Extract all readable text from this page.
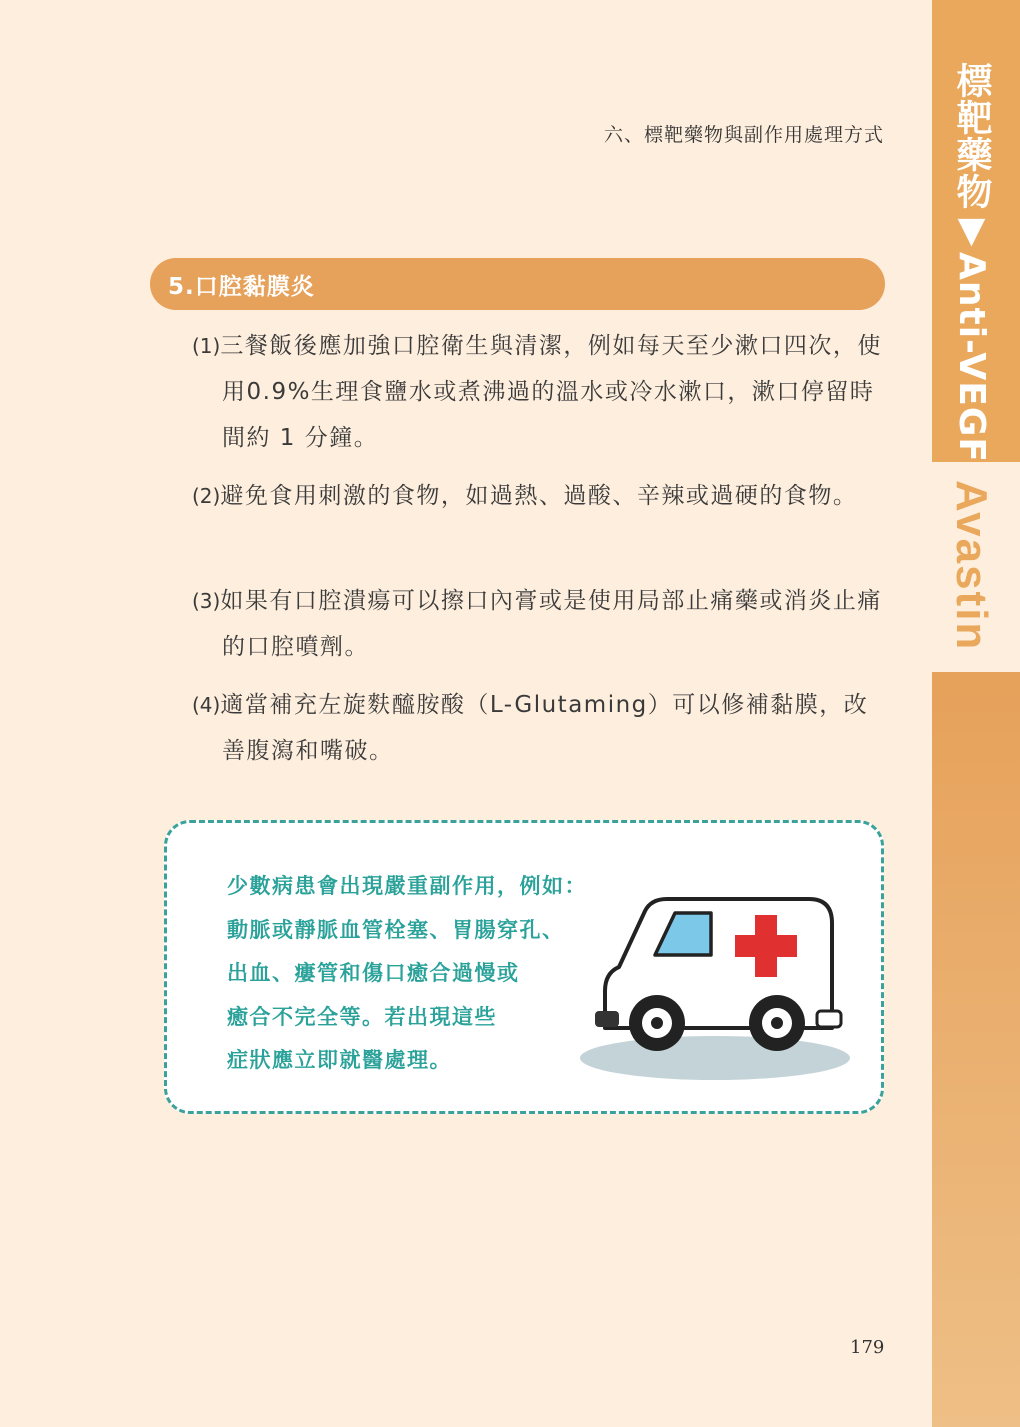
六、標靶藥物與副作用處理方式 標靶藥物▼Anti-VEGF
Avastin
5.口腔黏膜炎
(1)三餐飯後應加強口腔衛生與清潔，例如每天至少漱口四次，使用0.9%生理食鹽水或煮沸過的溫水或冷水漱口，漱口停留時間約 1 分鐘。
(2)避免食用刺激的食物，如過熱、過酸、辛辣或過硬的食物。
(3)如果有口腔潰瘍可以擦口內膏或是使用局部止痛藥或消炎止痛的口腔噴劑。
(4)適當補充左旋麩醯胺酸（L-Glutaming）可以修補黏膜，改善腹瀉和嘴破。
少數病患會出現嚴重副作用，例如：
動脈或靜脈血管栓塞、胃腸穿孔、
出血、瘻管和傷口癒合過慢或
癒合不完全等。若出現這些
症狀應立即就醫處理。
179
